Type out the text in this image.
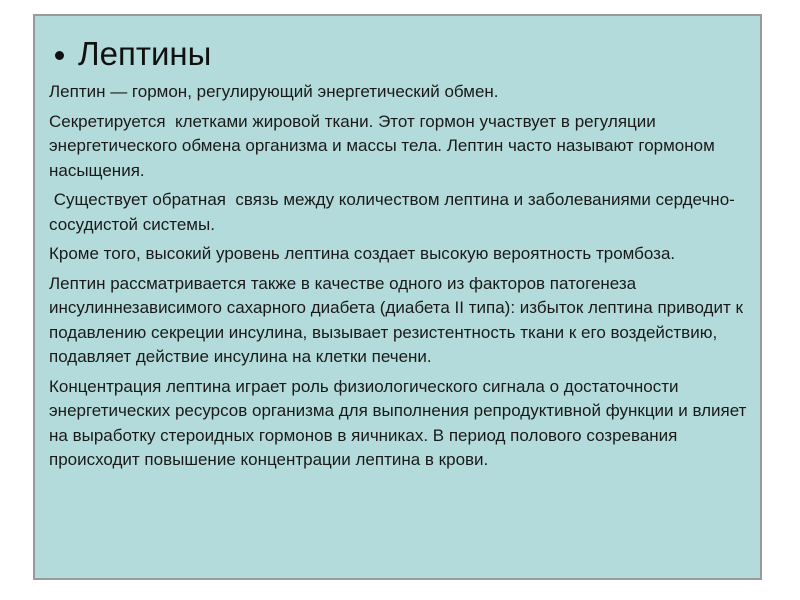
Лептины

Лептин — гормон, регулирующий энергетический обмен.

Секретируется  клетками жировой ткани. Этот гормон участвует в регуляции энергетического обмена организма и массы тела. Лептин часто называют гормоном насыщения.

Существует обратная  связь между количеством лептина и заболеваниями сердечно-сосудистой системы.

Кроме того, высокий уровень лептина создает высокую вероятность тромбоза.

Лептин рассматривается также в качестве одного из факторов патогенеза инсулиннезависимого сахарного диабета (диабета II типа): избыток лептина приводит к подавлению секреции инсулина, вызывает резистентность ткани к его воздействию, подавляет действие инсулина на клетки печени.

Концентрация лептина играет роль физиологического сигнала о достаточности энергетических ресурсов организма для выполнения репродуктивной функции и влияет на выработку стероидных гормонов в яичниках. В период полового созревания происходит повышение концентрации лептина в крови.
